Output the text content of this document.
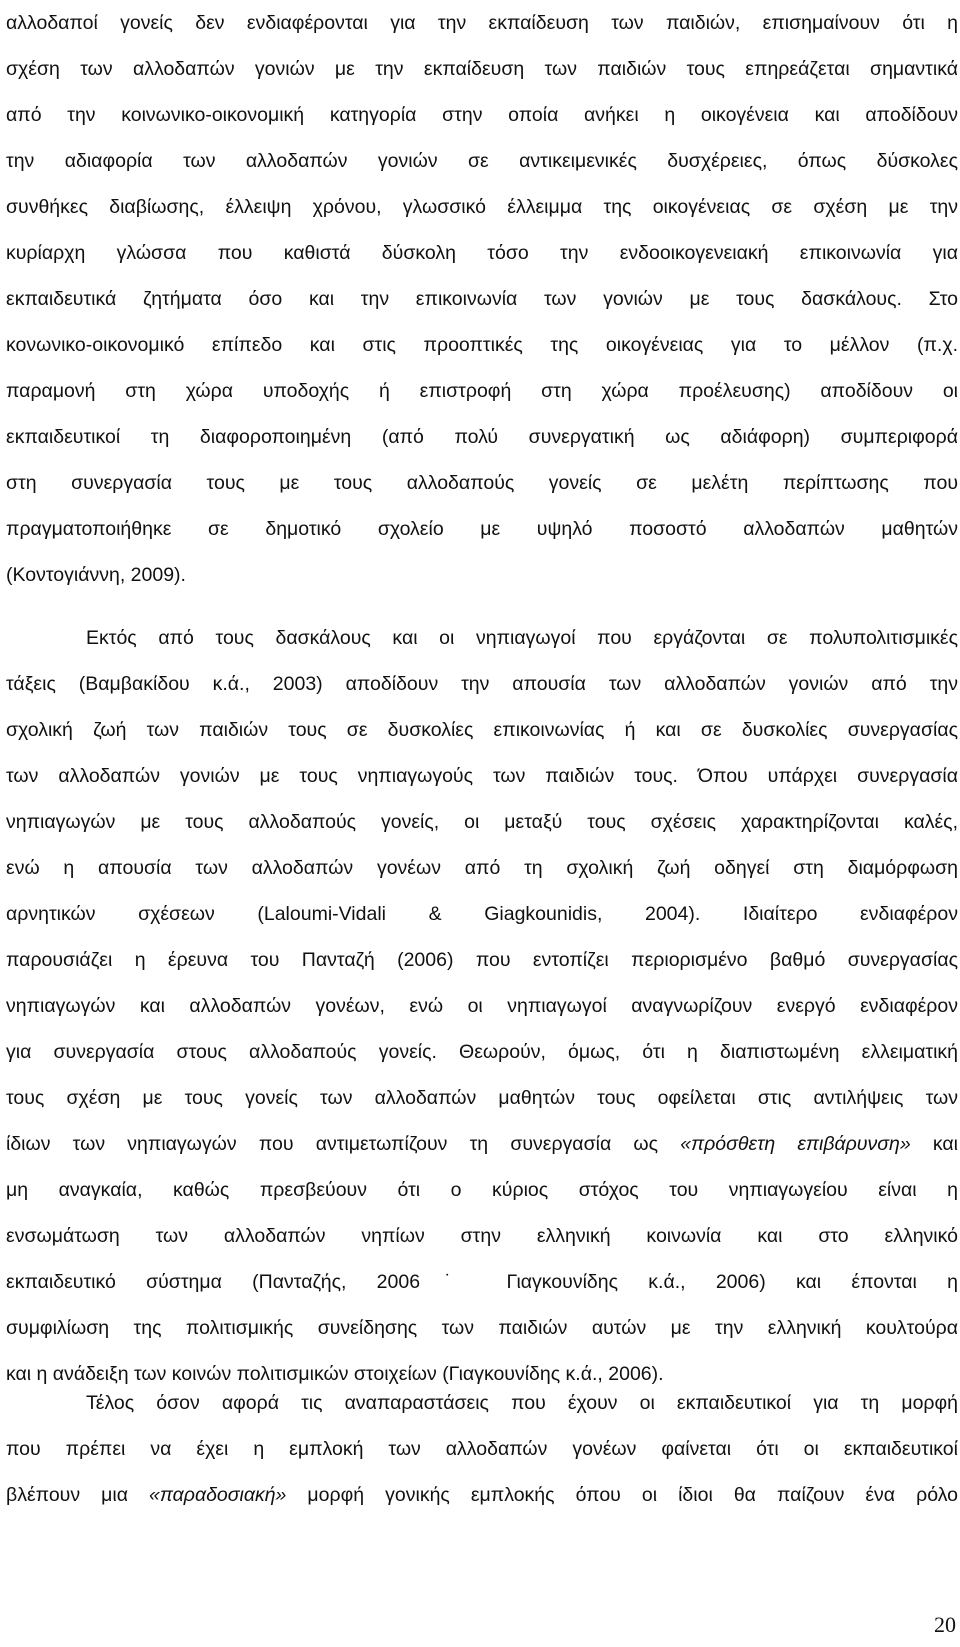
αλλοδαποί γονείς δεν ενδιαφέρονται για την εκπαίδευση των παιδιών, επισημαίνουν ότι η
σχέση των αλλοδαπών γονιών με την εκπαίδευση των παιδιών τους επηρεάζεται σημαντικά
από την κοινωνικο-οικονομική κατηγορία στην οποία ανήκει η οικογένεια και αποδίδουν
την αδιαφορία των αλλοδαπών γονιών σε αντικειμενικές δυσχέρειες, όπως δύσκολες
συνθήκες διαβίωσης, έλλειψη χρόνου, γλωσσικό έλλειμμα της οικογένειας σε σχέση με την
κυρίαρχη γλώσσα που καθιστά δύσκολη τόσο την ενδοοικογενειακή επικοινωνία για
εκπαιδευτικά ζητήματα όσο και την επικοινωνία των γονιών με τους δασκάλους. Στο
κονωνικο-οικονομικό επίπεδο και στις προοπτικές της οικογένειας για το μέλλον (π.χ.
παραμονή στη χώρα υποδοχής ή επιστροφή στη χώρα προέλευσης) αποδίδουν οι
εκπαιδευτικοί τη διαφοροποιημένη (από πολύ συνεργατική ως αδιάφορη) συμπεριφορά
στη συνεργασία τους με τους αλλοδαπούς γονείς σε μελέτη περίπτωσης που
πραγματοποιήθηκε σε δημοτικό σχολείο με υψηλό ποσοστό αλλοδαπών μαθητών
(Κοντογιάννη, 2009).
Εκτός από τους δασκάλους και οι νηπιαγωγοί που εργάζονται σε πολυπολιτισμικές
τάξεις (Βαμβακίδου κ.ά., 2003) αποδίδουν την απουσία των αλλοδαπών γονιών από την
σχολική ζωή των παιδιών τους σε δυσκολίες επικοινωνίας ή και σε δυσκολίες συνεργασίας
των αλλοδαπών γονιών με τους νηπιαγωγούς των παιδιών τους. Όπου υπάρχει συνεργασία
νηπιαγωγών με τους αλλοδαπούς γονείς, οι μεταξύ τους σχέσεις χαρακτηρίζονται καλές,
ενώ η απουσία των αλλοδαπών γονέων από τη σχολική ζωή οδηγεί στη διαμόρφωση
αρνητικών σχέσεων (Laloumi-Vidali & Giagkounidis, 2004). Ιδιαίτερο ενδιαφέρον
παρουσιάζει η έρευνα του Πανταζή (2006) που εντοπίζει περιορισμένο βαθμό συνεργασίας
νηπιαγωγών και αλλοδαπών γονέων, ενώ οι νηπιαγωγοί αναγνωρίζουν ενεργό ενδιαφέρον
για συνεργασία στους αλλοδαπούς γονείς. Θεωρούν, όμως, ότι η διαπιστωμένη ελλειματική
τους σχέση με τους γονείς των αλλοδαπών μαθητών τους οφείλεται στις αντιλήψεις των
ίδιων των νηπιαγωγών που αντιμετωπίζουν τη συνεργασία ως «πρόσθετη επιβάρυνση» και
μη αναγκαία, καθώς πρεσβεύουν ότι ο κύριος στόχος του νηπιαγωγείου είναι η
ενσωμάτωση των αλλοδαπών νηπίων στην ελληνική κοινωνία και στο ελληνικό
εκπαιδευτικό σύστημα (Πανταζής, 2006˙ Γιαγκουνίδης κ.ά., 2006) και έπονται η
συμφιλίωση της πολιτισμικής συνείδησης των παιδιών αυτών με την ελληνική κουλτούρα
και η ανάδειξη των κοινών πολιτισμικών στοιχείων (Γιαγκουνίδης κ.ά., 2006).
Τέλος όσον αφορά τις αναπαραστάσεις που έχουν οι εκπαιδευτικοί για τη μορφή
που πρέπει να έχει η εμπλοκή των αλλοδαπών γονέων φαίνεται ότι οι εκπαιδευτικοί
βλέπουν μια «παραδοσιακή» μορφή γονικής εμπλοκής όπου οι ίδιοι θα παίζουν ένα ρόλο
20
